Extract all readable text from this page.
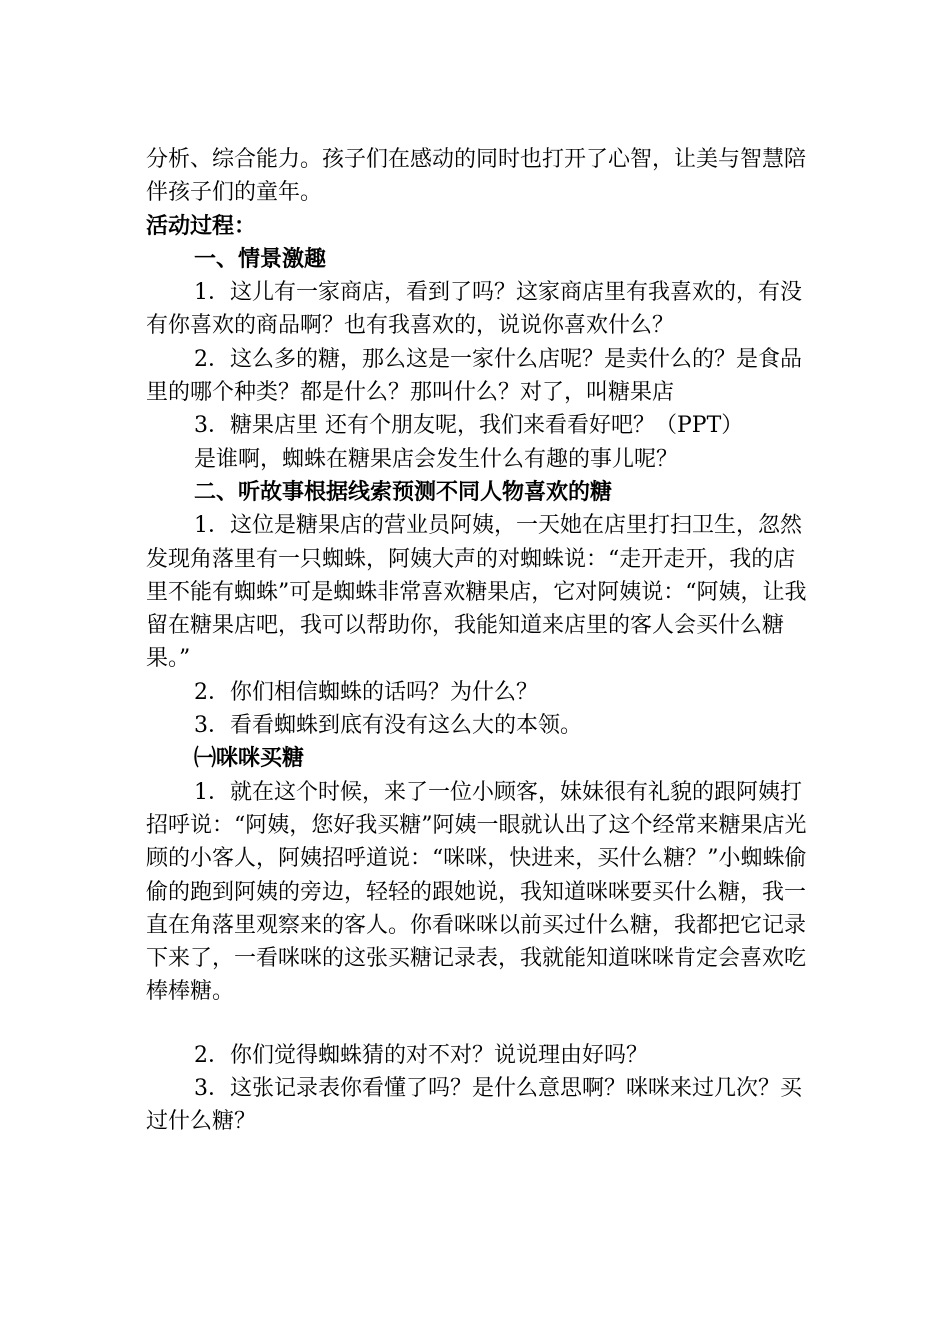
分析、综合能力。孩子们在感动的同时也打开了心智，让美与智慧陪伴孩子们的童年。

活动过程：

一、情景激趣

1．这儿有一家商店，看到了吗？这家商店里有我喜欢的，有没有你喜欢的商品啊？也有我喜欢的，说说你喜欢什么？

2．这么多的糖，那么这是一家什么店呢？是卖什么的？是食品里的哪个种类？都是什么？那叫什么？对了，叫糖果店

3．糖果店里 还有个朋友呢，我们来看看好吧？（PPT）

是谁啊，蜘蛛在糖果店会发生什么有趣的事儿呢？

二、听故事根据线索预测不同人物喜欢的糖

1．这位是糖果店的营业员阿姨，一天她在店里打扫卫生，忽然发现角落里有一只蜘蛛，阿姨大声的对蜘蛛说：“走开走开，我的店里不能有蜘蛛”可是蜘蛛非常喜欢糖果店，它对阿姨说：“阿姨，让我留在糖果店吧，我可以帮助你，我能知道来店里的客人会买什么糖果。”

2．你们相信蜘蛛的话吗？为什么？

3．看看蜘蛛到底有没有这么大的本领。

㈠咪咪买糖

1．就在这个时候，来了一位小顾客，妹妹很有礼貌的跟阿姨打招呼说：“阿姨，您好我买糖”阿姨一眼就认出了这个经常来糖果店光顾的小客人，阿姨招呼道说：“咪咪，快进来，买什么糖？”小蜘蛛偷偷的跑到阿姨的旁边，轻轻的跟她说，我知道咪咪要买什么糖，我一直在角落里观察来的客人。你看咪咪以前买过什么糖，我都把它记录下来了，一看咪咪的这张买糖记录表，我就能知道咪咪肯定会喜欢吃棒棒糖。

2．你们觉得蜘蛛猜的对不对？说说理由好吗？

3．这张记录表你看懂了吗？是什么意思啊？咪咪来过几次？买过什么糖？
